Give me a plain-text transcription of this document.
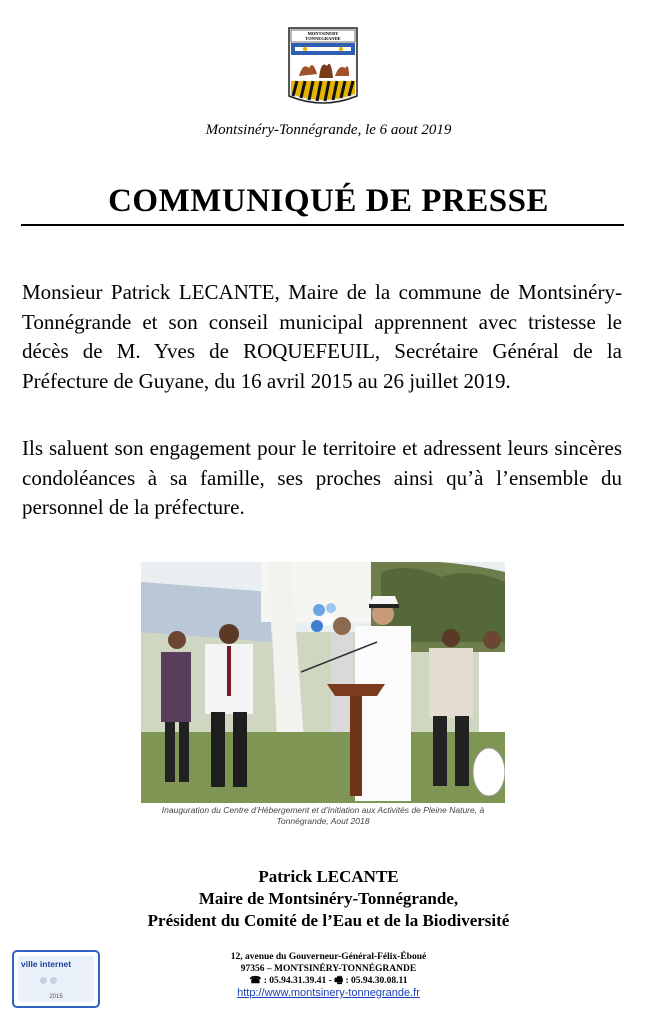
MONTSINERY
TONNEGRANDE
Montsinéry-Tonnégrande, le 6 aout 2019
COMMUNIQUÉ DE PRESSE
Monsieur Patrick LECANTE, Maire de la commune de Montsinéry-Tonnégrande et son conseil municipal apprennent avec tristesse le décès de M. Yves de ROQUEFEUIL, Secrétaire Général de la Préfecture de Guyane, du 16 avril 2015 au 26 juillet 2019.
Ils saluent son engagement pour le territoire et adressent leurs sincères condoléances à sa famille, ses proches ainsi qu’à l’ensemble du personnel de la préfecture.
Inauguration du Centre d’Hébergement et d’Initiation aux Activités de Pleine Nature, à
Tonnégrande, Aout 2018
Patrick LECANTE
Maire de Montsinéry-Tonnégrande,
Président du Comité de l’Eau et de la Biodiversité
ville internet
2015
12, avenue du Gouverneur-Général-Félix-Éboué
97356 – MONTSINÉRY-TONNÉGRANDE
☎ : 05.94.31.39.41 - 🖷 : 05.94.30.08.11
http://www.montsinery-tonnegrande.fr
